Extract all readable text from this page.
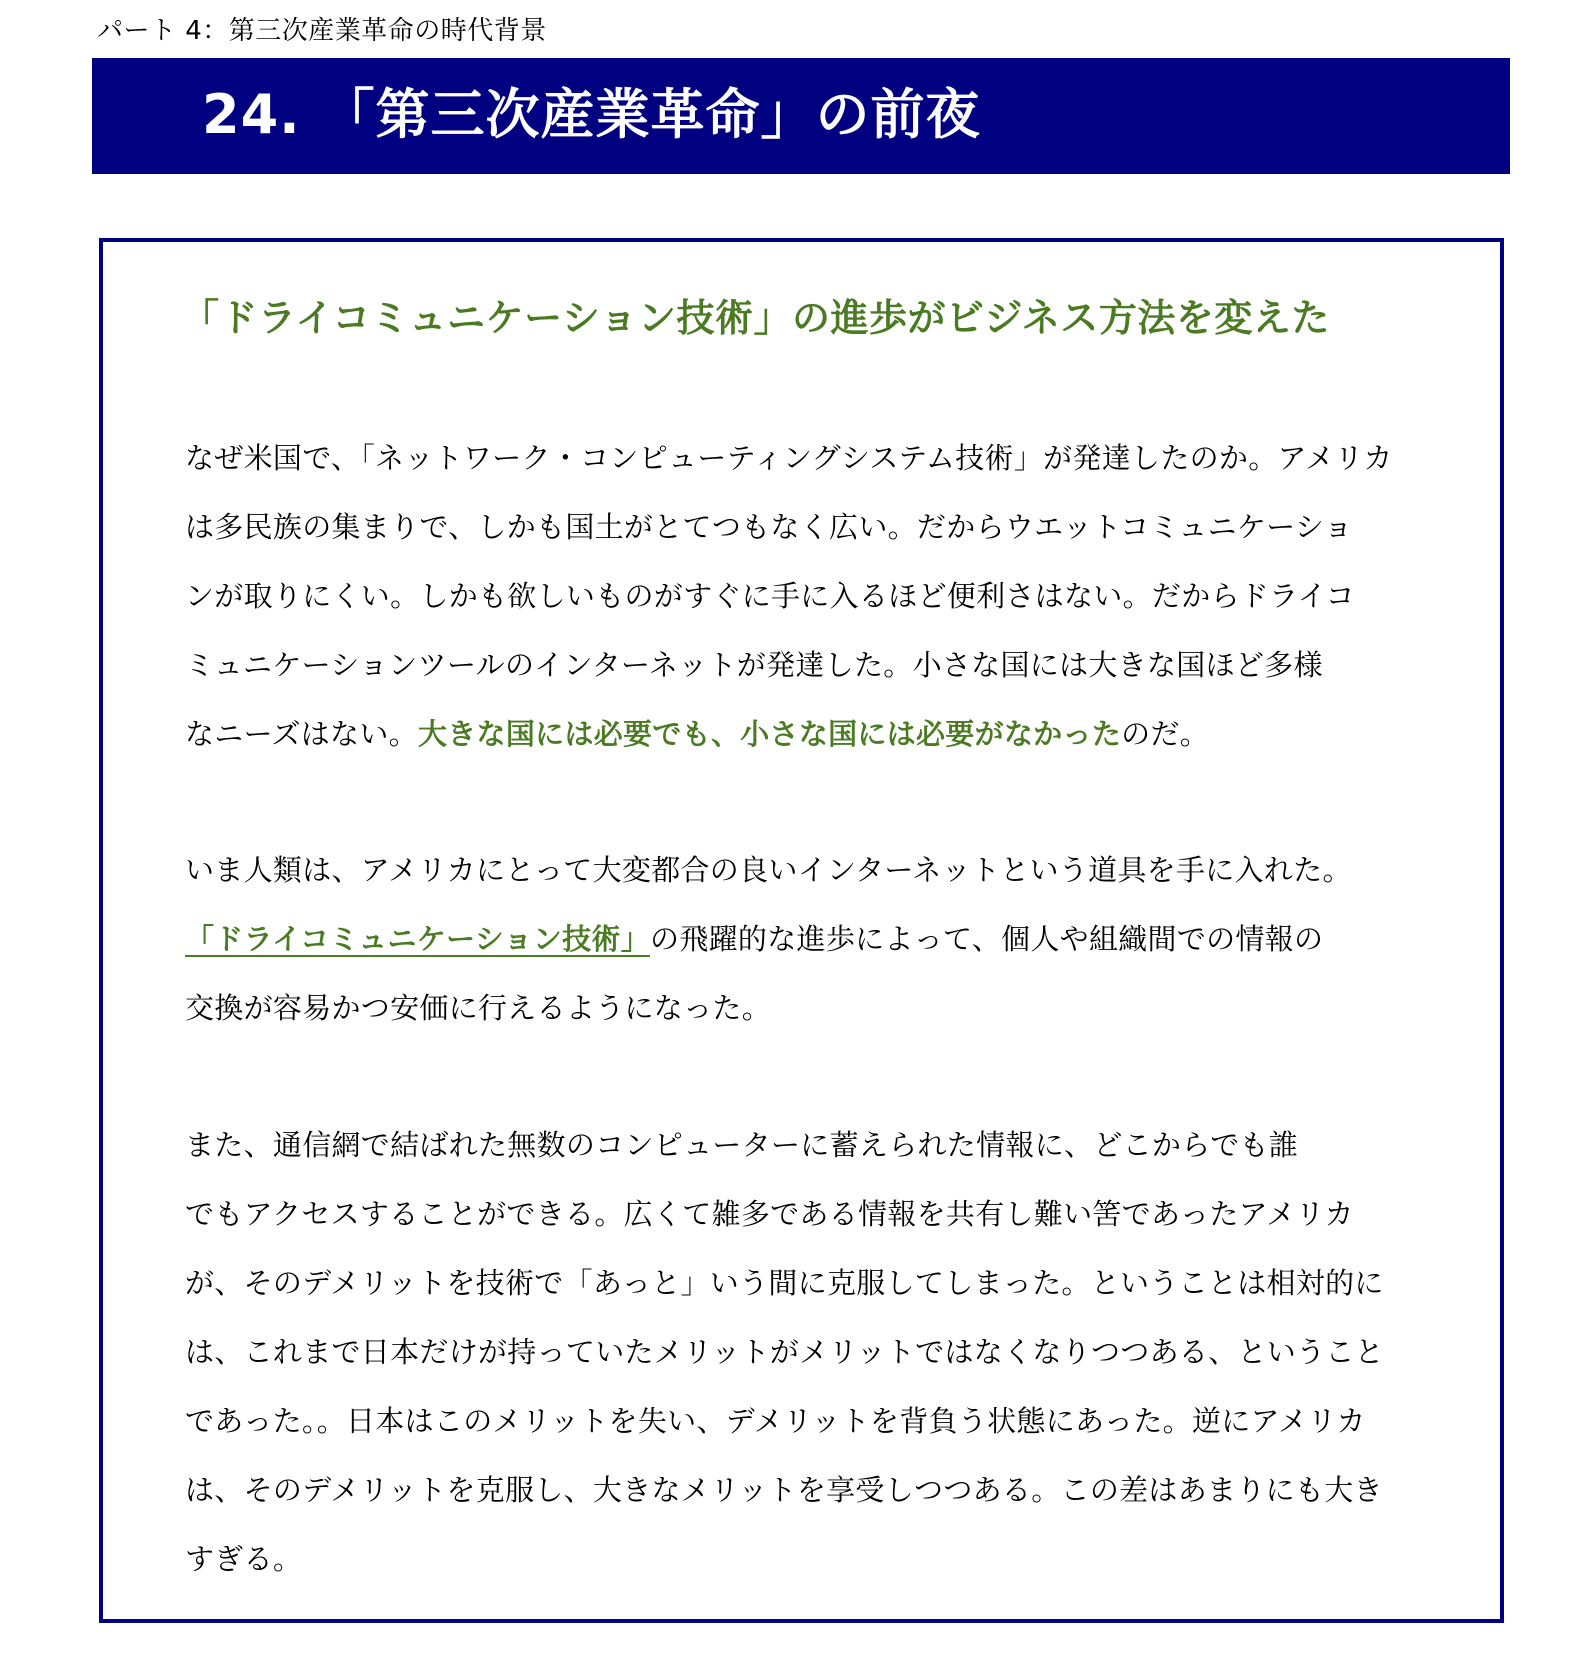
パート 4：第三次産業革命の時代背景
24. 「第三次産業革命」の前夜
「ドライコミュニケーション技術」の進歩がビジネス方法を変えた
なぜ米国で、「ネットワーク・コンピューティングシステム技術」が発達したのか。アメリカ
は多民族の集まりで、しかも国土がとてつもなく広い。だからウエットコミュニケーショ
ンが取りにくい。しかも欲しいものがすぐに手に入るほど便利さはない。だからドライコ
ミュニケーションツールのインターネットが発達した。小さな国には大きな国ほど多様
なニーズはない。大きな国には必要でも、小さな国には必要がなかったのだ。
いま人類は、アメリカにとって大変都合の良いインターネットという道具を手に入れた。
「ドライコミュニケーション技術」の飛躍的な進歩によって、個人や組織間での情報の
交換が容易かつ安価に行えるようになった。
また、通信網で結ばれた無数のコンピューターに蓄えられた情報に、どこからでも誰
でもアクセスすることができる。広くて雑多である情報を共有し難い筈であったアメリカ
が、そのデメリットを技術で「あっと」いう間に克服してしまった。ということは相対的に
は、これまで日本だけが持っていたメリットがメリットではなくなりつつある、ということ
であった。。日本はこのメリットを失い、デメリットを背負う状態にあった。逆にアメリカ
は、そのデメリットを克服し、大きなメリットを享受しつつある。この差はあまりにも大き
すぎる。
